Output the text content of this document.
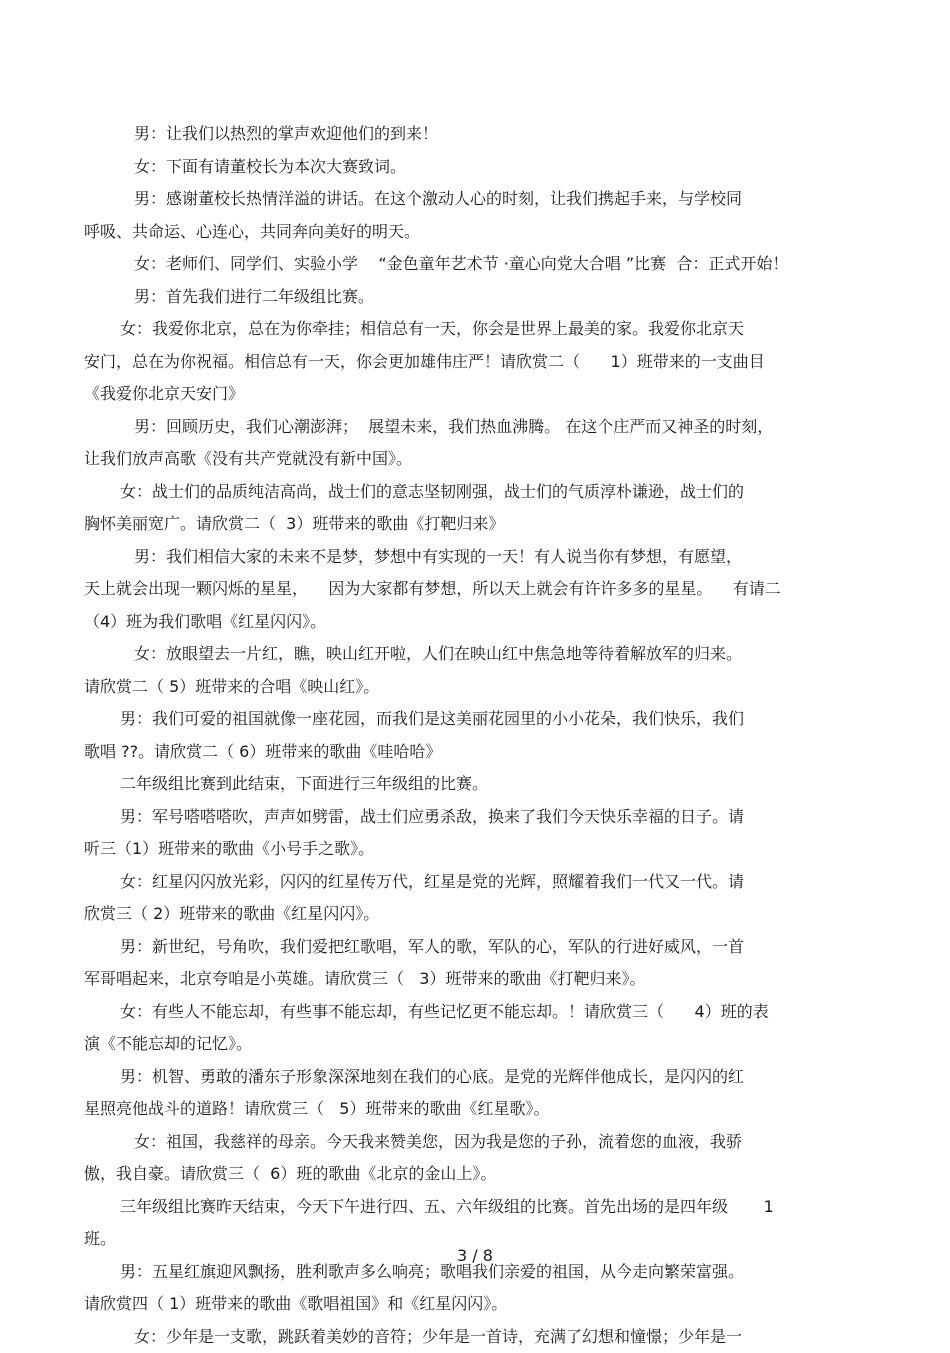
男：让我们以热烈的掌声欢迎他们的到来！
女：下面有请董校长为本次大赛致词。
男：感谢董校长热情洋溢的讲话。在这个激动人心的时刻，让我们携起手来，与学校同
呼吸、共命运、心连心，共同奔向美好的明天。
女：老师们、同学们、实验小学    “金色童年艺术节 ·童心向党大合唱 ”比赛  合：正式开始！
男：首先我们进行二年级组比赛。
女：我爱你北京，总在为你牵挂；相信总有一天，你会是世界上最美的家。我爱你北京天
安门，总在为你祝福。相信总有一天，你会更加雄伟庄严！请欣赏二（      1）班带来的一支曲目
《我爱你北京天安门》
男：回顾历史，我们心潮澎湃；  展望未来，我们热血沸腾。 在这个庄严而又神圣的时刻，
让我们放声高歌《没有共产党就没有新中国》。
女：战士们的品质纯洁高尚，战士们的意志坚韧刚强，战士们的气质淳朴谦逊，战士们的
胸怀美丽宽广。请欣赏二（  3）班带来的歌曲《打靶归来》
男：我们相信大家的未来不是梦，梦想中有实现的一天！有人说当你有梦想，有愿望，
天上就会出现一颗闪烁的星星，    因为大家都有梦想，所以天上就会有许许多多的星星。    有请二
（4）班为我们歌唱《红星闪闪》。
女：放眼望去一片红，瞧，映山红开啦，人们在映山红中焦急地等待着解放军的归来。
请欣赏二（ 5）班带来的合唱《映山红》。
男：我们可爱的祖国就像一座花园，而我们是这美丽花园里的小小花朵，我们快乐，我们
歌唱 ??。请欣赏二（ 6）班带来的歌曲《哇哈哈》
二年级组比赛到此结束，下面进行三年级组的比赛。
男：军号嗒嗒嗒吹，声声如劈雷，战士们应勇杀敌，换来了我们今天快乐幸福的日子。请
听三（1）班带来的歌曲《小号手之歌》。
女：红星闪闪放光彩，闪闪的红星传万代，红星是党的光辉，照耀着我们一代又一代。请
欣赏三（ 2）班带来的歌曲《红星闪闪》。
男：新世纪，号角吹，我们爱把红歌唱，军人的歌，军队的心，军队的行进好威风，一首
军哥唱起来，北京夸咱是小英雄。请欣赏三（   3）班带来的歌曲《打靶归来》。
女：有些人不能忘却，有些事不能忘却，有些记忆更不能忘却。！请欣赏三（      4）班的表
演《不能忘却的记忆》。
男：机智、勇敢的潘东子形象深深地刻在我们的心底。是党的光辉伴他成长，是闪闪的红
星照亮他战斗的道路！请欣赏三（   5）班带来的歌曲《红星歌》。
女：祖国，我慈祥的母亲。今天我来赞美您，因为我是您的子孙，流着您的血液，我骄
傲，我自豪。请欣赏三（  6）班的歌曲《北京的金山上》。
三年级组比赛昨天结束，今天下午进行四、五、六年级组的比赛。首先出场的是四年级       1
班。
男：五星红旗迎风飘扬，胜利歌声多么响亮；歌唱我们亲爱的祖国，从今走向繁荣富强。
请欣赏四（ 1）班带来的歌曲《歌唱祖国》和《红星闪闪》。
女：少年是一支歌，跳跃着美妙的音符；少年是一首诗，充满了幻想和憧憬；少年是一
3 / 8
